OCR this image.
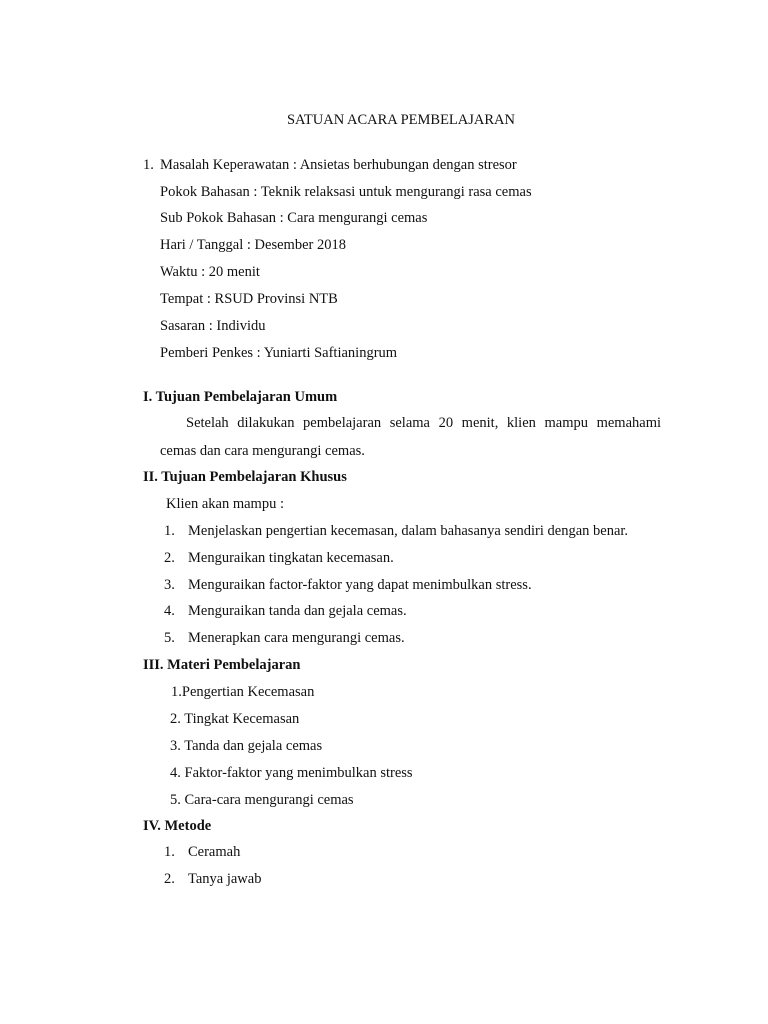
SATUAN ACARA PEMBELAJARAN
1. Masalah Keperawatan : Ansietas berhubungan dengan stresor
Pokok Bahasan : Teknik relaksasi untuk mengurangi rasa cemas
Sub Pokok Bahasan : Cara mengurangi cemas
Hari / Tanggal : Desember 2018
Waktu : 20 menit
Tempat : RSUD Provinsi NTB
Sasaran : Individu
Pemberi Penkes : Yuniarti Saftianingrum
I. Tujuan Pembelajaran Umum
Setelah dilakukan pembelajaran selama 20 menit, klien mampu memahami
cemas dan cara mengurangi cemas.
II. Tujuan Pembelajaran Khusus
Klien akan mampu :
1. Menjelaskan pengertian kecemasan, dalam bahasanya sendiri dengan benar.
2. Menguraikan tingkatan kecemasan.
3. Menguraikan factor-faktor yang dapat menimbulkan stress.
4. Menguraikan tanda dan gejala cemas.
5. Menerapkan cara mengurangi cemas.
III. Materi Pembelajaran
1.Pengertian Kecemasan
2. Tingkat Kecemasan
3. Tanda dan gejala cemas
4. Faktor-faktor yang menimbulkan stress
5. Cara-cara mengurangi cemas
IV. Metode
1. Ceramah
2. Tanya jawab
